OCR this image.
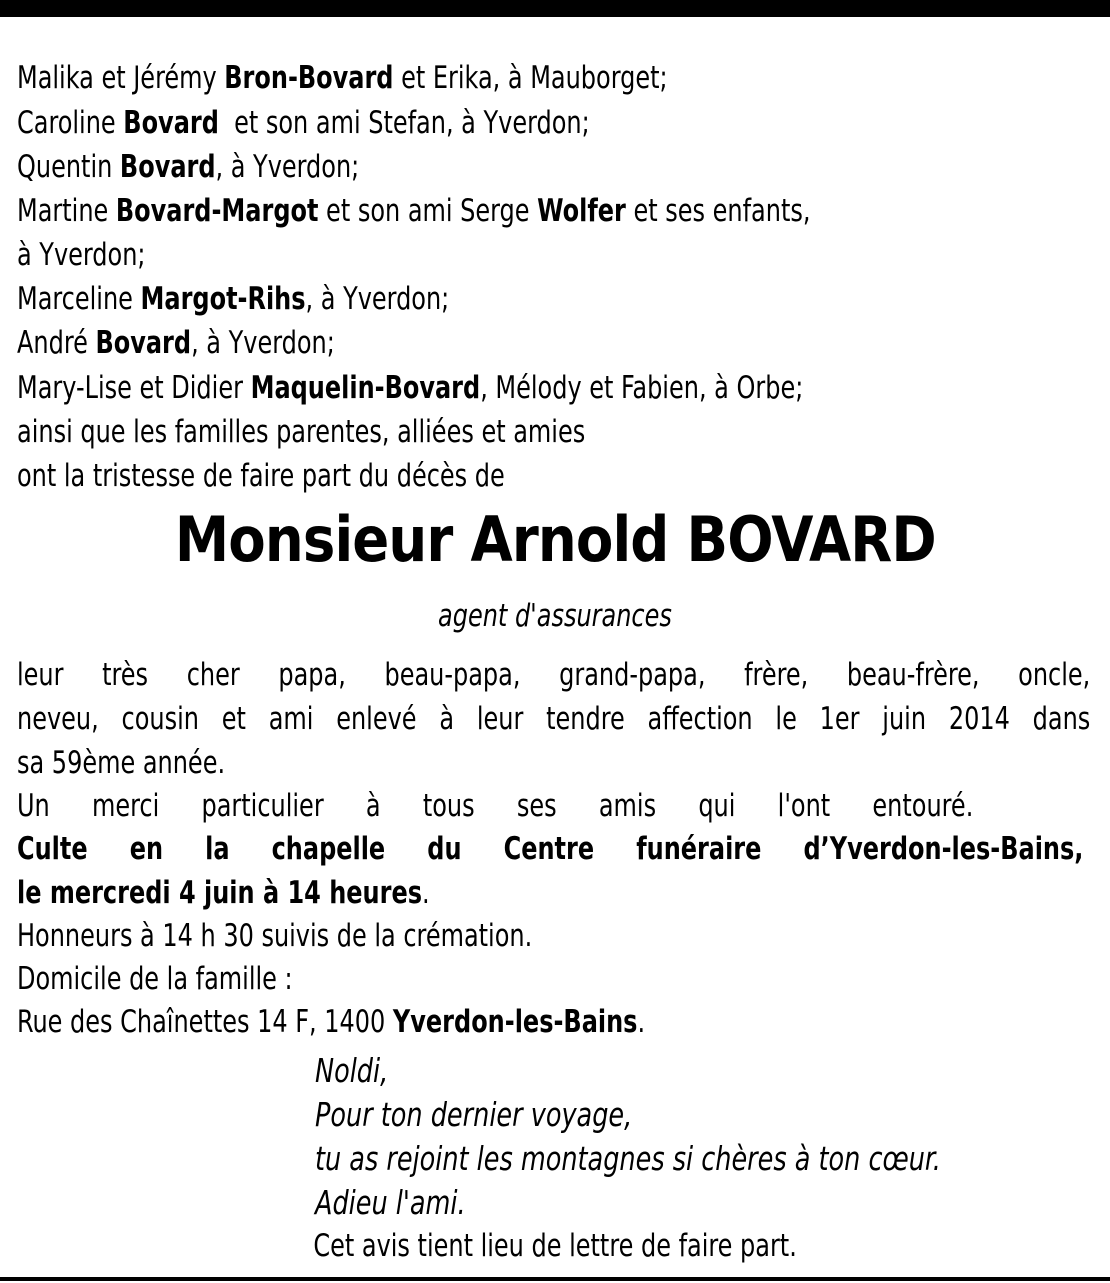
Malika et Jérémy Bron-Bovard et Erika, à Mauborget;
Caroline Bovard  et son ami Stefan, à Yverdon;
Quentin Bovard, à Yverdon;
Martine Bovard-Margot et son ami Serge Wolfer et ses enfants,
à Yverdon;
Marceline Margot-Rihs, à Yverdon;
André Bovard, à Yverdon;
Mary-Lise et Didier Maquelin-Bovard, Mélody et Fabien, à Orbe;
ainsi que les familles parentes, alliées et amies
ont la tristesse de faire part du décès de
Monsieur Arnold BOVARD
agent d'assurances
leur très cher papa, beau-papa, grand-papa, frère, beau-frère, oncle,
neveu, cousin et ami enlevé à leur tendre affection le 1er juin 2014 dans
sa 59ème année.
Un merci particulier à tous ses amis qui l'ont entouré.
Culte en la chapelle du Centre funéraire d’Yverdon-les-Bains,
le mercredi 4 juin à 14 heures.
Honneurs à 14 h 30 suivis de la crémation.
Domicile de la famille :
Rue des Chaînettes 14 F, 1400 Yverdon-les-Bains.
Noldi,
Pour ton dernier voyage,
tu as rejoint les montagnes si chères à ton cœur.
Adieu l'ami.
Cet avis tient lieu de lettre de faire part.
